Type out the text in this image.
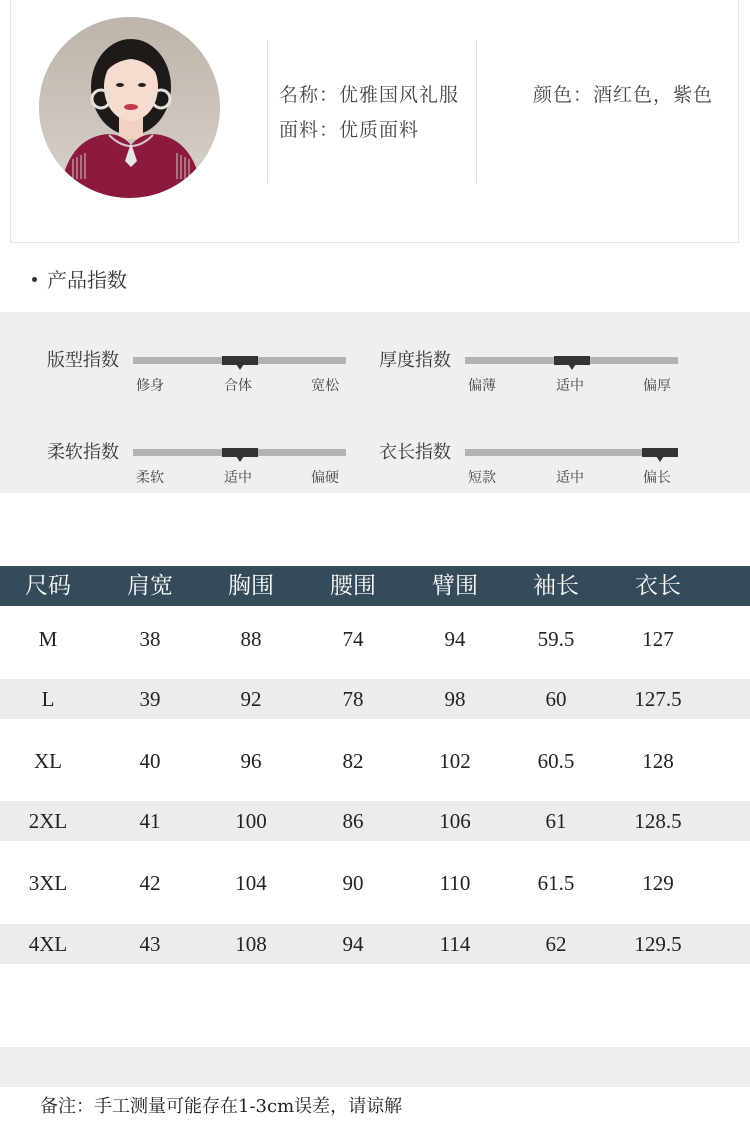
名称：优雅国风礼服
面料：优质面料
颜色：酒红色，紫色
产品指数
版型指数
修身	合体	宽松
厚度指数
偏薄	适中	偏厚
柔软指数
柔软	适中	偏硬
衣长指数
短款	适中	偏长
尺码	肩宽	胸围	腰围	臂围	袖长	衣长
M	38	88	74	94	59.5	127
L	39	92	78	98	60	127.5
XL	40	96	82	102	60.5	128
2XL	41	100	86	106	61	128.5
3XL	42	104	90	110	61.5	129
4XL	43	108	94	114	62	129.5
备注：手工测量可能存在1-3cm误差，请谅解
